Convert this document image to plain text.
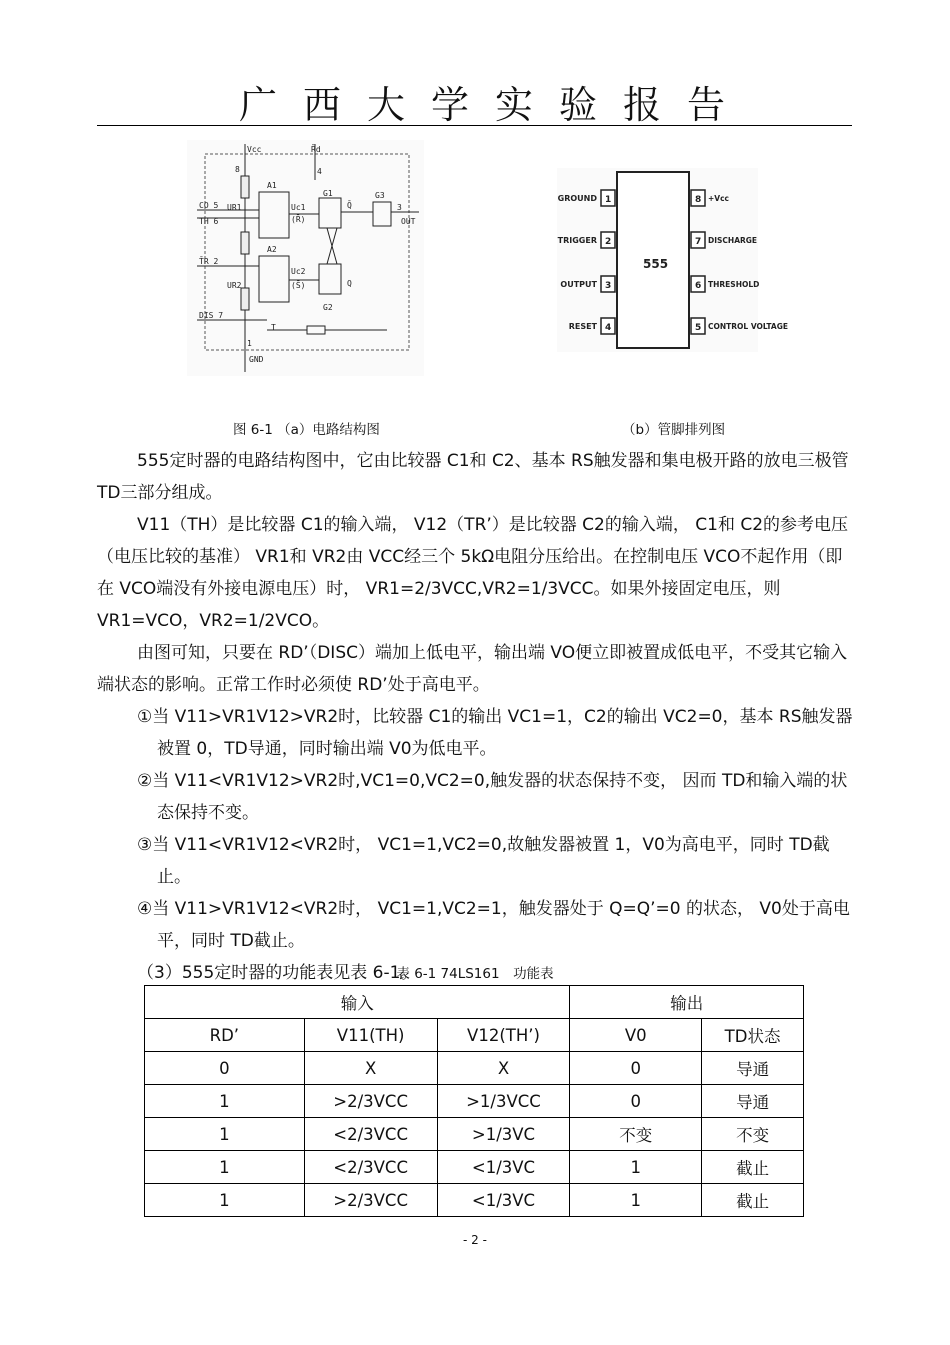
广西大学实验报告
Vcc	R̄d
8	4
A1
A2
G1
G2
G3
CO 5
TH 6
T̄R 2
DIS 7
1
GND
3
OUT
Uc1
Uc2
UR1
UR2
Q̄
Q
(R̄)
(S̄)
T
555
1
GROUND
2
TRIGGER
3
OUTPUT
4
RESET
8 +Vcc
7 DISCHARGE
6 THRESHOLD
5 CONTROL VOLTAGE
图 6-1 （a）电路结构图	（b）管脚排列图

555定时器的电路结构图中，它由比较器 C1和 C2、基本 RS触发器和集电极开路的放电三极管 TD三部分组成。

V11（TH）是比较器 C1的输入端， V12（TR’）是比较器 C2的输入端， C1和 C2的参考电压（电压比较的基准） VR1和 VR2由 VCC经三个 5kΩ电阻分压给出。在控制电压 VCO不起作用（即在 VCO端没有外接电源电压）时， VR1=2/3VCC,VR2=1/3VCC。如果外接固定电压，则 VR1=VCO，VR2=1/2VCO。

由图可知，只要在 RD’（DISC）端加上低电平，输出端 VO便立即被置成低电平，不受其它输入端状态的影响。正常工作时必须使 RD’处于高电平。

①当 V11>VR1V12>VR2时，比较器 C1的输出 VC1=1，C2的输出 VC2=0，基本 RS触发器被置 0，TD导通，同时输出端 V0为低电平。

②当 V11<VR1V12>VR2时,VC1=0,VC2=0,触发器的状态保持不变， 因而 TD和输入端的状态保持不变。

③当 V11<VR1V12<VR2时， VC1=1,VC2=0,故触发器被置 1，V0为高电平，同时 TD截止。

④当 V11>VR1V12<VR2时， VC1=1,VC2=1，触发器处于 Q=Q’=0 的状态， V0处于高电平，同时 TD截止。

（3）555定时器的功能表见表 6-1。

表 6-1 74LS161　功能表
输入			输出	
RD’	V11(TH)	V12(TH’)	V0	TD状态
0	X	X	0	导通
1	>2/3VCC	>1/3VCC	0	导通
1	<2/3VCC	>1/3VC	不变	不变
1	<2/3VCC	<1/3VC	1	截止
1	>2/3VCC	<1/3VC	1	截止
- 2 -
